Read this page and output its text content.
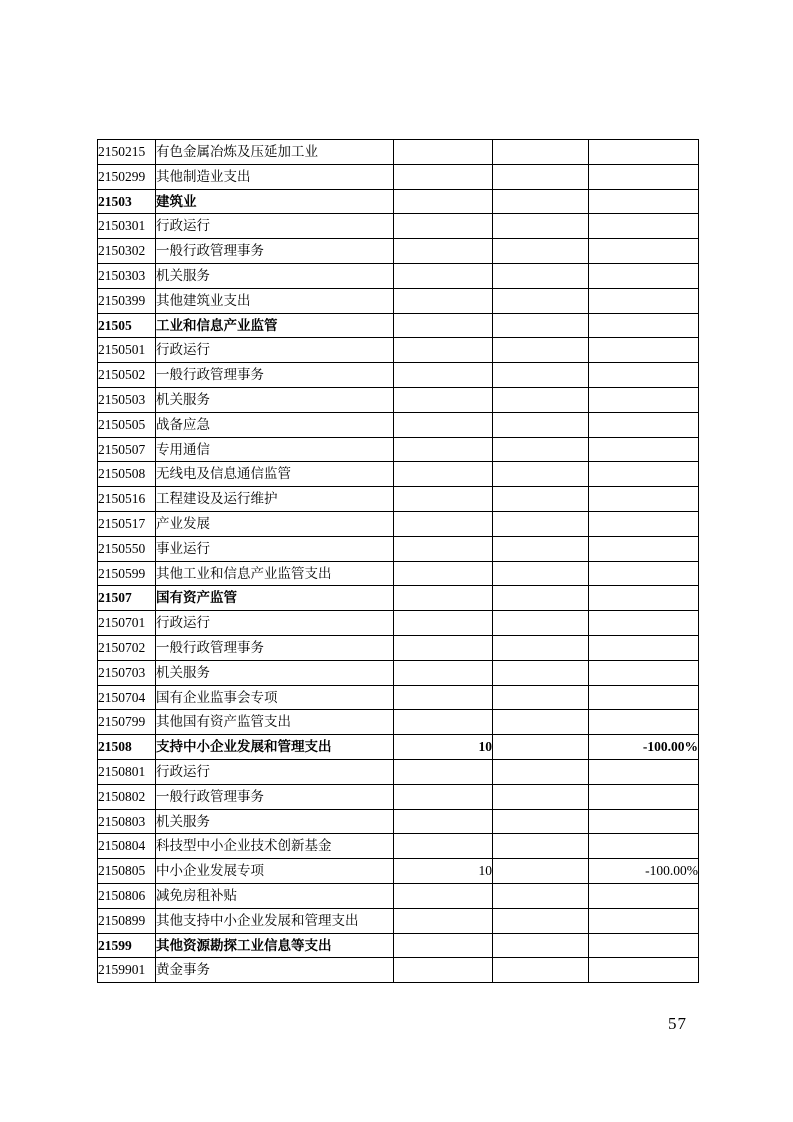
2150215	有色金属冶炼及压延加工业			
2150299	其他制造业支出			
21503	建筑业			
2150301	行政运行			
2150302	一般行政管理事务			
2150303	机关服务			
2150399	其他建筑业支出			
21505	工业和信息产业监管			
2150501	行政运行			
2150502	一般行政管理事务			
2150503	机关服务			
2150505	战备应急			
2150507	专用通信			
2150508	无线电及信息通信监管			
2150516	工程建设及运行维护			
2150517	产业发展			
2150550	事业运行			
2150599	其他工业和信息产业监管支出			
21507	国有资产监管			
2150701	行政运行			
2150702	一般行政管理事务			
2150703	机关服务			
2150704	国有企业监事会专项			
2150799	其他国有资产监管支出			
21508	支持中小企业发展和管理支出	10		-100.00%
2150801	行政运行			
2150802	一般行政管理事务			
2150803	机关服务			
2150804	科技型中小企业技术创新基金			
2150805	中小企业发展专项	10		-100.00%
2150806	减免房租补贴			
2150899	其他支持中小企业发展和管理支出			
21599	其他资源勘探工业信息等支出			
2159901	黄金事务			
57
